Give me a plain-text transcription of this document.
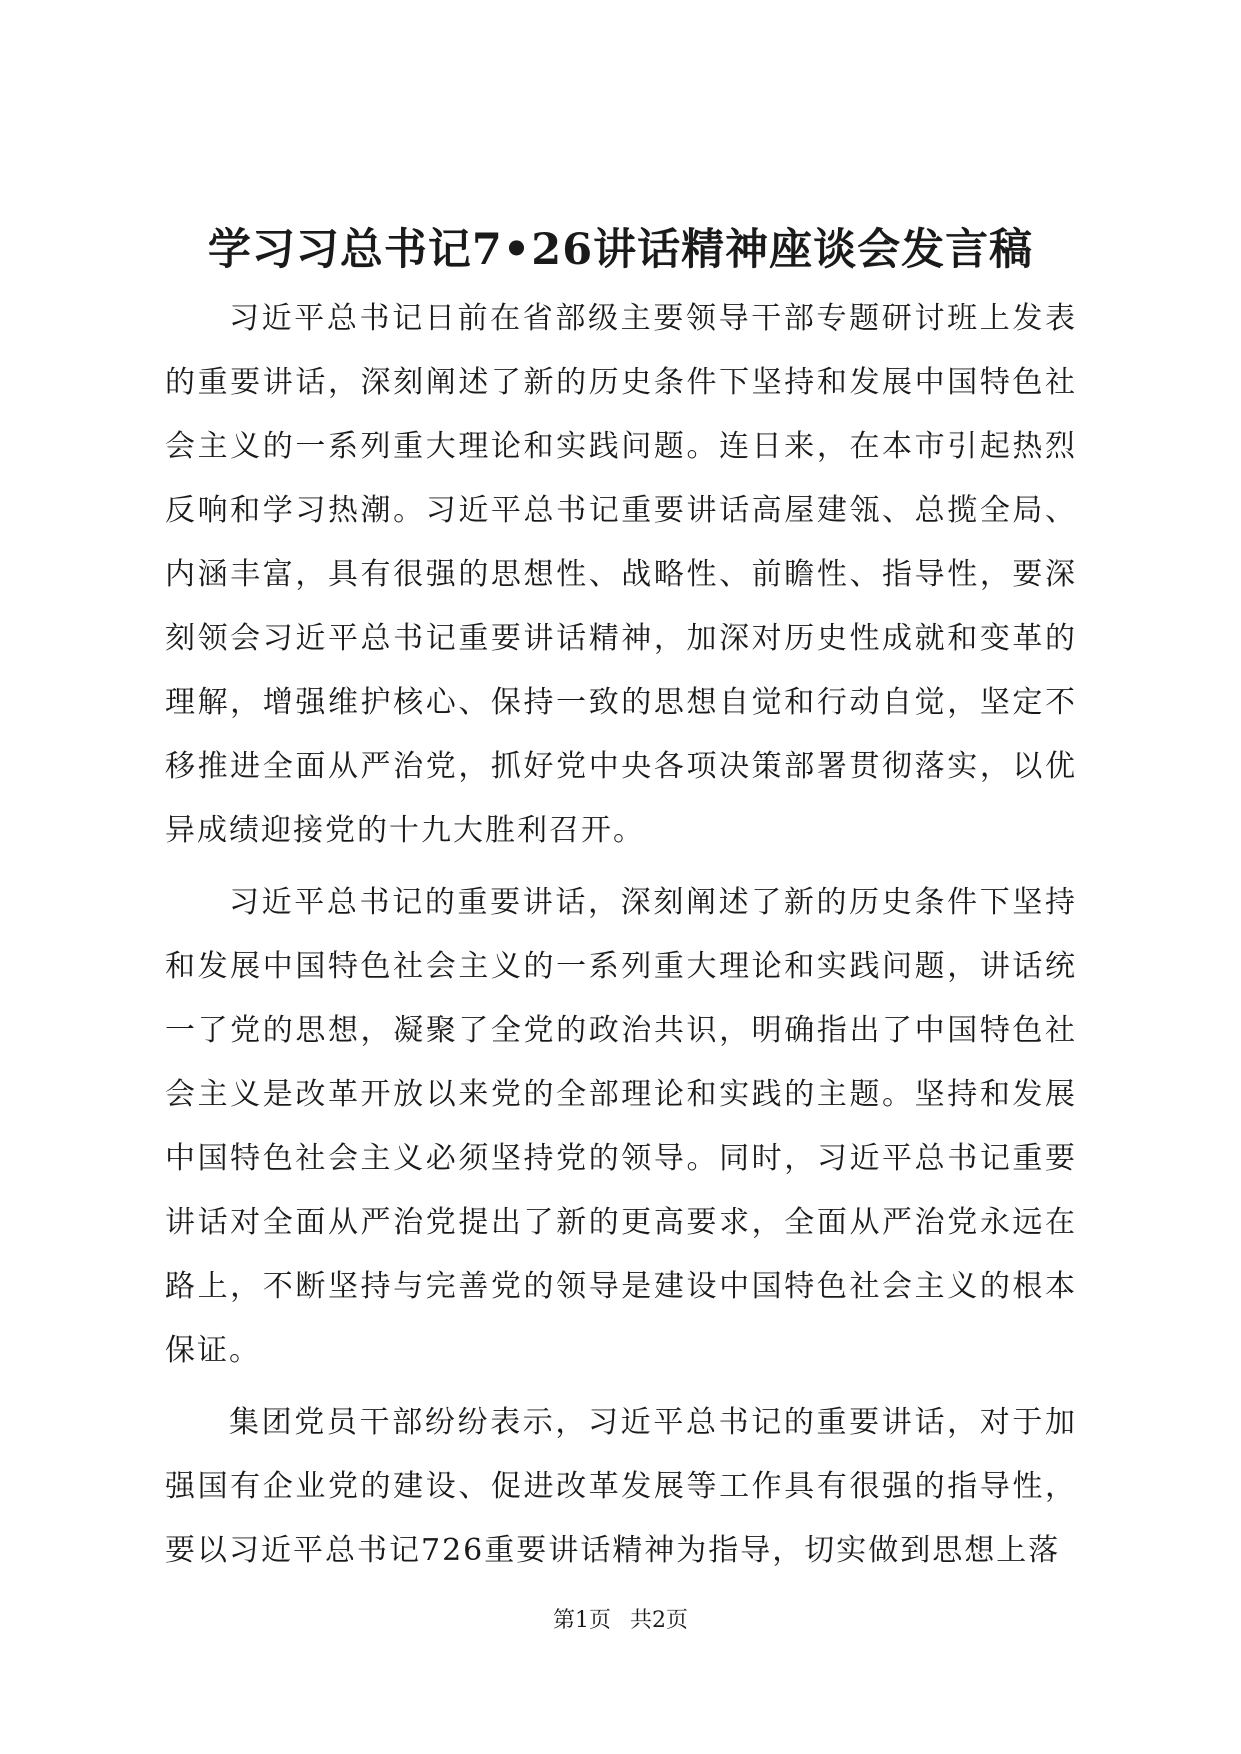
学习习总书记7•26讲话精神座谈会发言稿

习近平总书记日前在省部级主要领导干部专题研讨班上发表的重要讲话，深刻阐述了新的历史条件下坚持和发展中国特色社会主义的一系列重大理论和实践问题。连日来，在本市引起热烈反响和学习热潮。习近平总书记重要讲话高屋建瓴、总揽全局、内涵丰富，具有很强的思想性、战略性、前瞻性、指导性，要深刻领会习近平总书记重要讲话精神，加深对历史性成就和变革的理解，增强维护核心、保持一致的思想自觉和行动自觉，坚定不移推进全面从严治党，抓好党中央各项决策部署贯彻落实，以优异成绩迎接党的十九大胜利召开。

习近平总书记的重要讲话，深刻阐述了新的历史条件下坚持和发展中国特色社会主义的一系列重大理论和实践问题，讲话统一了党的思想，凝聚了全党的政治共识，明确指出了中国特色社会主义是改革开放以来党的全部理论和实践的主题。坚持和发展中国特色社会主义必须坚持党的领导。同时，习近平总书记重要讲话对全面从严治党提出了新的更高要求，全面从严治党永远在路上，不断坚持与完善党的领导是建设中国特色社会主义的根本保证。

集团党员干部纷纷表示，习近平总书记的重要讲话，对于加强国有企业党的建设、促进改革发展等工作具有很强的指导性，要以习近平总书记726重要讲话精神为指导，切实做到思想上落

第1页 共2页
